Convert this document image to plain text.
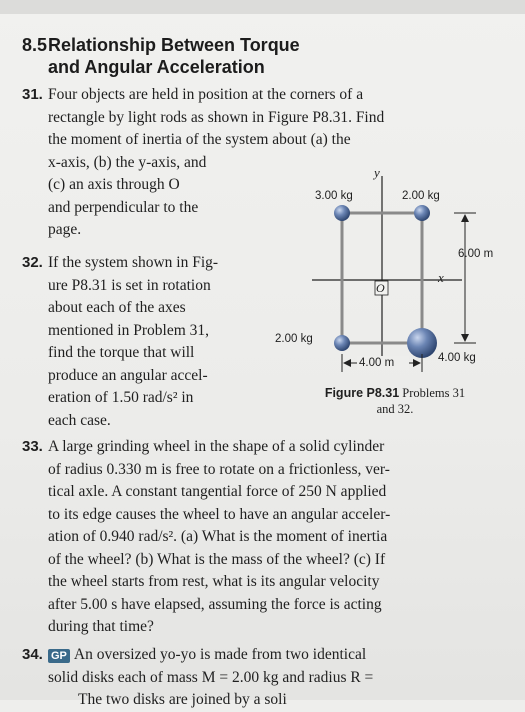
8.5Relationship Between Torque
and Angular Acceleration
31. Four objects are held in position at the corners of a
rectangle by light rods as shown in Figure P8.31. Find
the moment of inertia of the system about (a) the
x-axis, (b) the y-axis, and
(c) an axis through O
and perpendicular to the
page.
32. If the system shown in Fig-
ure P8.31 is set in rotation
about each of the axes
mentioned in Problem 31,
find the torque that will
produce an angular accel-
eration of 1.50 rad/s² in
each case.
y
x
O
3.00 kg	2.00 kg
2.00 kg
4.00 kg
6.00 m
4.00 m
Figure P8.31 Problems 31
and 32.
33. A large grinding wheel in the shape of a solid cylinder
of radius 0.330 m is free to rotate on a frictionless, ver-
tical axle. A constant tangential force of 250 N applied
to its edge causes the wheel to have an angular acceler-
ation of 0.940 rad/s². (a) What is the moment of inertia
of the wheel? (b) What is the mass of the wheel? (c) If
the wheel starts from rest, what is its angular velocity
after 5.00 s have elapsed, assuming the force is acting
during that time?
34. GP An oversized yo-yo is made from two identical
solid disks each of mass M = 2.00 kg and radius R =
The two disks are joined by a soli
